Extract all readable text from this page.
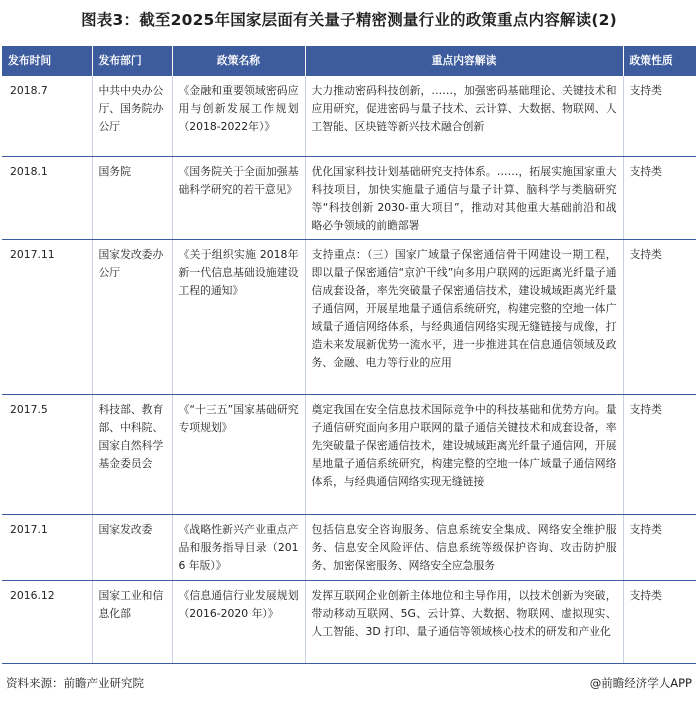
图表3：截至2025年国家层面有关量子精密测量行业的政策重点内容解读(2)
发布时间	发布部门	政策名称	重点内容解读	政策性质
2018.7	中共中央办公厅、国务院办公厅	《金融和重要领域密码应用与创新发展工作规划（2018-2022年）》	大力推动密码科技创新，……，加强密码基础理论、关键技术和应用研究，促进密码与量子技术、云计算、大数据、物联网、人工智能、区块链等新兴技术融合创新	支持类
2018.1	国务院	《国务院关于全面加强基础科学研究的若干意见》	优化国家科技计划基础研究支持体系。……，拓展实施国家重大科技项目，加快实施量子通信与量子计算、脑科学与类脑研究等“科技创新 2030-重大项目”，推动对其他重大基础前沿和战略必争领域的前瞻部署	支持类
2017.11	国家发改委办公厅	《关于组织实施 2018年新一代信息基础设施建设工程的通知》	支持重点：（三）国家广域量子保密通信骨干网建设一期工程，即以量子保密通信“京沪干线”向多用户联网的远距离光纤量子通信成套设备，率先突破量子保密通信技术，建设城域距离光纤量子通信网，开展星地量子通信系统研究，构建完整的空地一体广域量子通信网络体系，与经典通信网络实现无缝链接与成像，打造未来发展新优势一流水平，进一步推进其在信息通信领域及政务、金融、电力等行业的应用	支持类
2017.5	科技部、教育部、中科院、国家自然科学基金委员会	《“十三五”国家基础研究专项规划》	奠定我国在安全信息技术国际竞争中的科技基础和优势方向。量子通信研究面向多用户联网的量子通信关键技术和成套设备，率先突破量子保密通信技术，建设城域距离光纤量子通信网，开展星地量子通信系统研究，构建完整的空地一体广域量子通信网络体系，与经典通信网络实现无缝链接	支持类
2017.1	国家发改委	《战略性新兴产业重点产品和服务指导目录（2016 年版）》	包括信息安全咨询服务、信息系统安全集成、网络安全维护服务、信息安全风险评估、信息系统等级保护咨询、攻击防护服务、加密保密服务、网络安全应急服务	支持类
2016.12	国家工业和信息化部	《信息通信行业发展规划（2016-2020 年）》	发挥互联网企业创新主体地位和主导作用，以技术创新为突破，带动移动互联网、5G、云计算、大数据、物联网、虚拟现实、人工智能、3D 打印、量子通信等领域核心技术的研发和产业化	支持类
资料来源：前瞻产业研究院	@前瞻经济学人APP
